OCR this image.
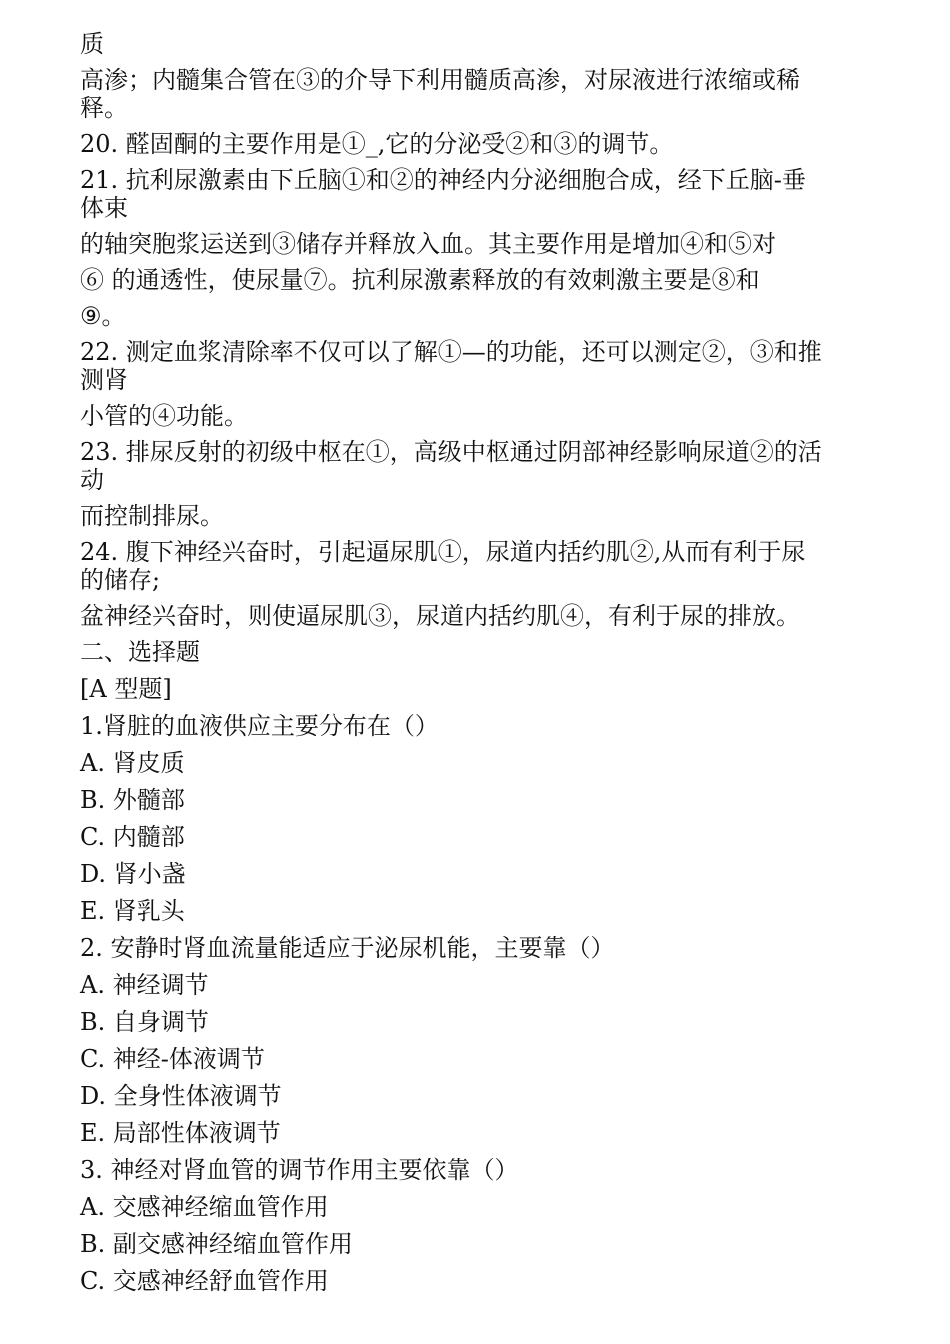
质
高渗；内髓集合管在③的介导下利用髓质高渗，对尿液进行浓缩或稀
释。
20. 醛固酮的主要作用是①_,它的分泌受②和③的调节。
21. 抗利尿激素由下丘脑①和②的神经内分泌细胞合成，经下丘脑-垂
体束
的轴突胞浆运送到③储存并释放入血。其主要作用是增加④和⑤对
⑥ 的通透性，使尿量⑦。抗利尿激素释放的有效刺激主要是⑧和
⑨。
22. 测定血浆清除率不仅可以了解①—的功能，还可以测定②，③和推
测肾
小管的④功能。
23. 排尿反射的初级中枢在①，高级中枢通过阴部神经影响尿道②的活
动
而控制排尿。
24. 腹下神经兴奋时，引起逼尿肌①，尿道内括约肌②,从而有利于尿
的储存;
盆神经兴奋时，则使逼尿肌③，尿道内括约肌④，有利于尿的排放。
二、选择题
[A 型题]
1.肾脏的血液供应主要分布在（）
A. 肾皮质
B. 外髓部
C. 内髓部
D. 肾小盏
E. 肾乳头
2. 安静时肾血流量能适应于泌尿机能，主要靠（）
A. 神经调节
B. 自身调节
C. 神经-体液调节
D. 全身性体液调节
E. 局部性体液调节
3. 神经对肾血管的调节作用主要依靠（）
A. 交感神经缩血管作用
B. 副交感神经缩血管作用
C. 交感神经舒血管作用
